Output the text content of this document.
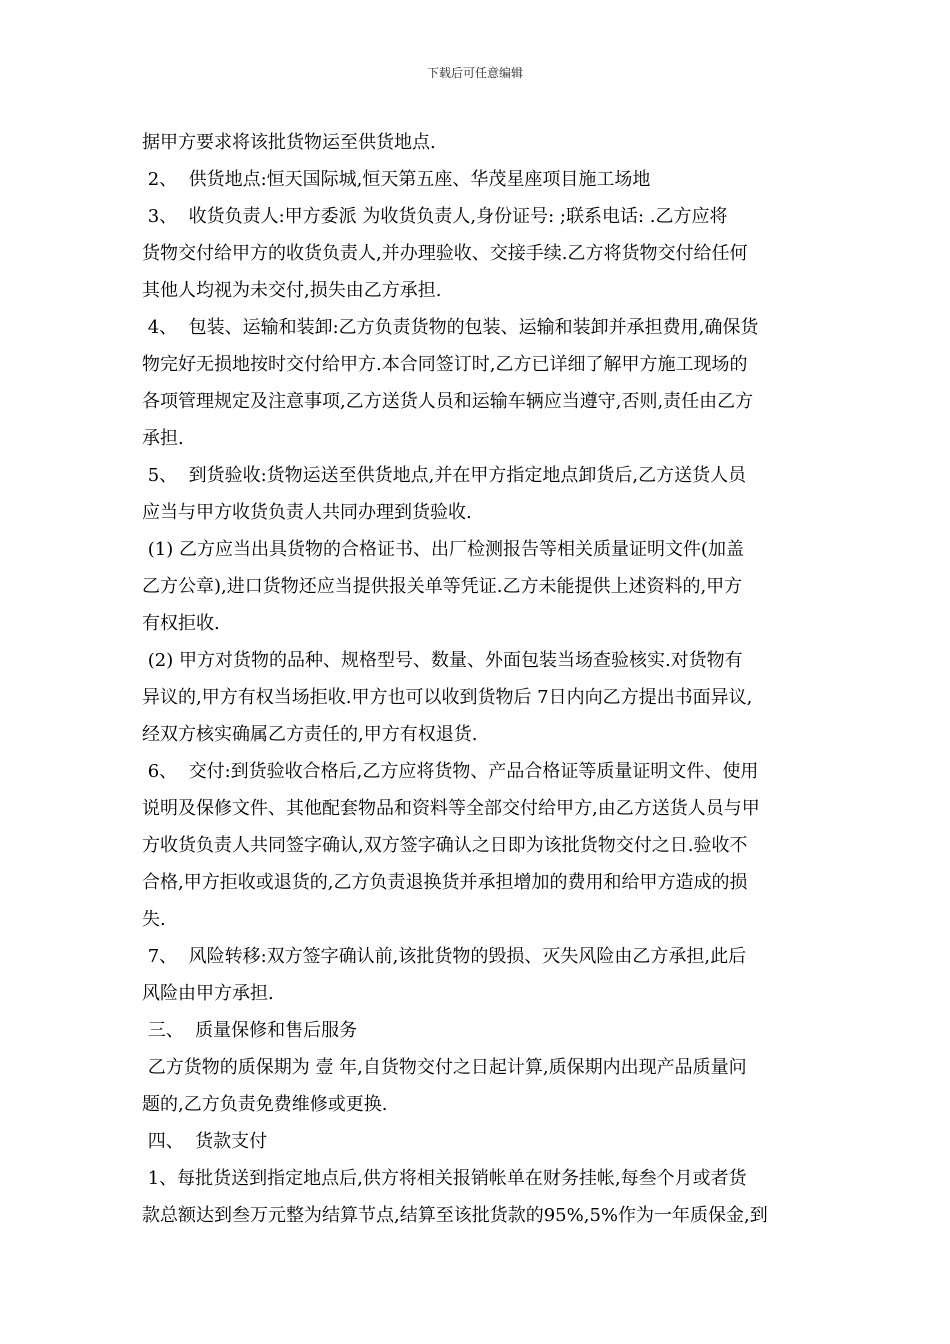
下载后可任意编辑
据甲方要求将该批货物运至供货地点.
2、  供货地点:恒天国际城,恒天第五座、华茂星座项目施工场地
3、  收货负责人:甲方委派 为收货负责人,身份证号: ;联系电话: .乙方应将
货物交付给甲方的收货负责人,并办理验收、交接手续.乙方将货物交付给任何
其他人均视为未交付,损失由乙方承担.
4、  包装、运输和装卸:乙方负责货物的包装、运输和装卸并承担费用,确保货
物完好无损地按时交付给甲方.本合同签订时,乙方已详细了解甲方施工现场的
各项管理规定及注意事项,乙方送货人员和运输车辆应当遵守,否则,责任由乙方
承担.
5、  到货验收:货物运送至供货地点,并在甲方指定地点卸货后,乙方送货人员
应当与甲方收货负责人共同办理到货验收.
(1) 乙方应当出具货物的合格证书、出厂检测报告等相关质量证明文件(加盖
乙方公章),进口货物还应当提供报关单等凭证.乙方未能提供上述资料的,甲方
有权拒收.
(2) 甲方对货物的品种、规格型号、数量、外面包装当场查验核实.对货物有
异议的,甲方有权当场拒收.甲方也可以收到货物后 7日内向乙方提出书面异议,
经双方核实确属乙方责任的,甲方有权退货.
6、  交付:到货验收合格后,乙方应将货物、产品合格证等质量证明文件、使用
说明及保修文件、其他配套物品和资料等全部交付给甲方,由乙方送货人员与甲
方收货负责人共同签字确认,双方签字确认之日即为该批货物交付之日.验收不
合格,甲方拒收或退货的,乙方负责退换货并承担增加的费用和给甲方造成的损
失.
7、  风险转移:双方签字确认前,该批货物的毁损、灭失风险由乙方承担,此后
风险由甲方承担.
三、  质量保修和售后服务
乙方货物的质保期为 壹 年,自货物交付之日起计算,质保期内出现产品质量问
题的,乙方负责免费维修或更换.
四、  货款支付
1、每批货送到指定地点后,供方将相关报销帐单在财务挂帐,每叁个月或者货
款总额达到叁万元整为结算节点,结算至该批货款的95%,5%作为一年质保金,到
